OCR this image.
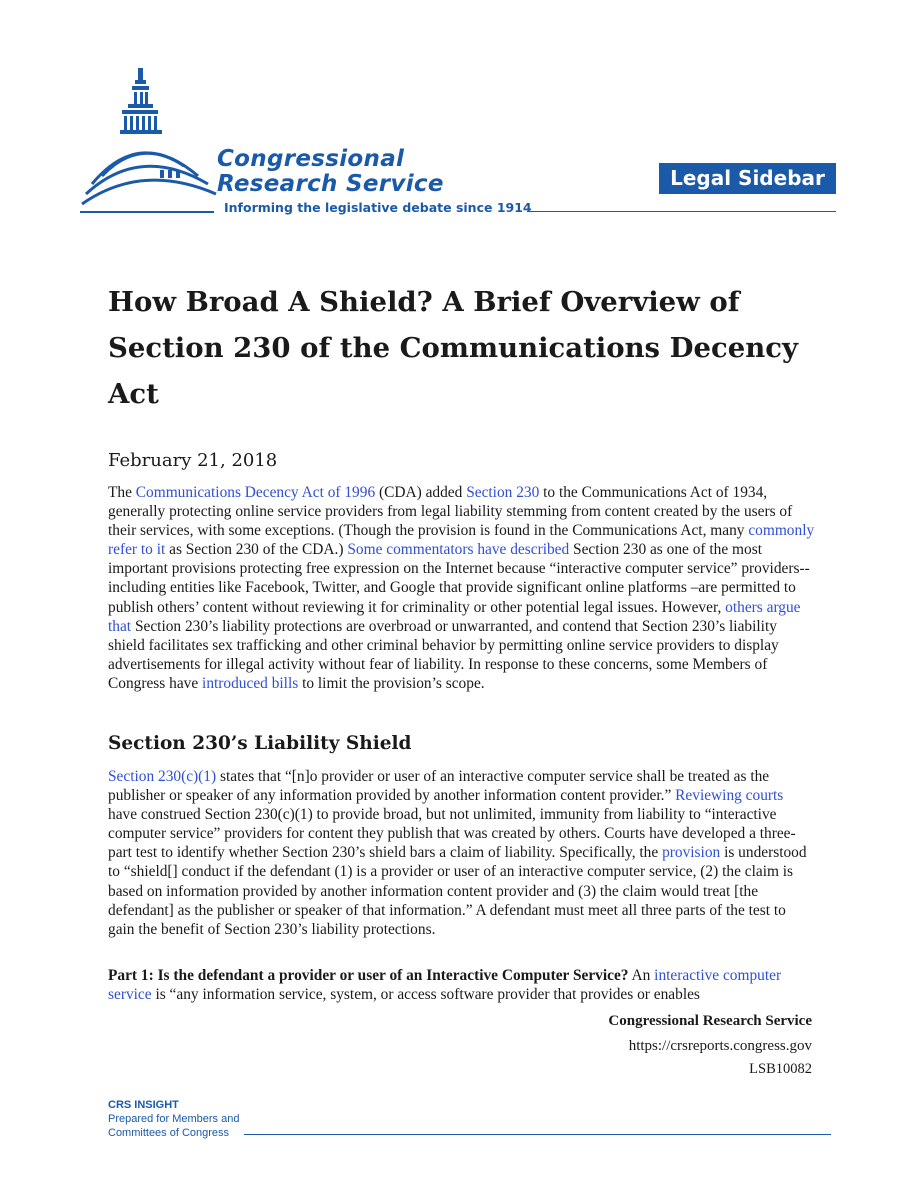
Congressional
Research Service
Informing the legislative debate since 1914
Legal Sidebar
How Broad A Shield? A Brief Overview of Section 230 of the Communications Decency Act
February 21, 2018

The Communications Decency Act of 1996 (CDA) added Section 230 to the Communications Act of 1934, generally protecting online service providers from legal liability stemming from content created by the users of their services, with some exceptions. (Though the provision is found in the Communications Act, many commonly refer to it as Section 230 of the CDA.) Some commentators have described Section 230 as one of the most important provisions protecting free expression on the Internet because “interactive computer service” providers-- including entities like Facebook, Twitter, and Google that provide significant online platforms –are permitted to publish others’ content without reviewing it for criminality or other potential legal issues. However, others argue that Section 230’s liability protections are overbroad or unwarranted, and contend that Section 230’s liability shield facilitates sex trafficking and other criminal behavior by permitting online service providers to display advertisements for illegal activity without fear of liability. In response to these concerns, some Members of Congress have introduced bills to limit the provision’s scope.

Section 230’s Liability Shield

Section 230(c)(1) states that “[n]o provider or user of an interactive computer service shall be treated as the publisher or speaker of any information provided by another information content provider.” Reviewing courts have construed Section 230(c)(1) to provide broad, but not unlimited, immunity from liability to “interactive computer service” providers for content they publish that was created by others. Courts have developed a three-part test to identify whether Section 230’s shield bars a claim of liability. Specifically, the provision is understood to “shield[] conduct if the defendant (1) is a provider or user of an interactive computer service, (2) the claim is based on information provided by another information content provider and (3) the claim would treat [the defendant] as the publisher or speaker of that information.” A defendant must meet all three parts of the test to gain the benefit of Section 230’s liability protections.

Part 1: Is the defendant a provider or user of an Interactive Computer Service? An interactive computer service is “any information service, system, or access software provider that provides or enables

Congressional Research Service
https://crsreports.congress.gov
LSB10082
CRS INSIGHT
Prepared for Members and
Committees of Congress
